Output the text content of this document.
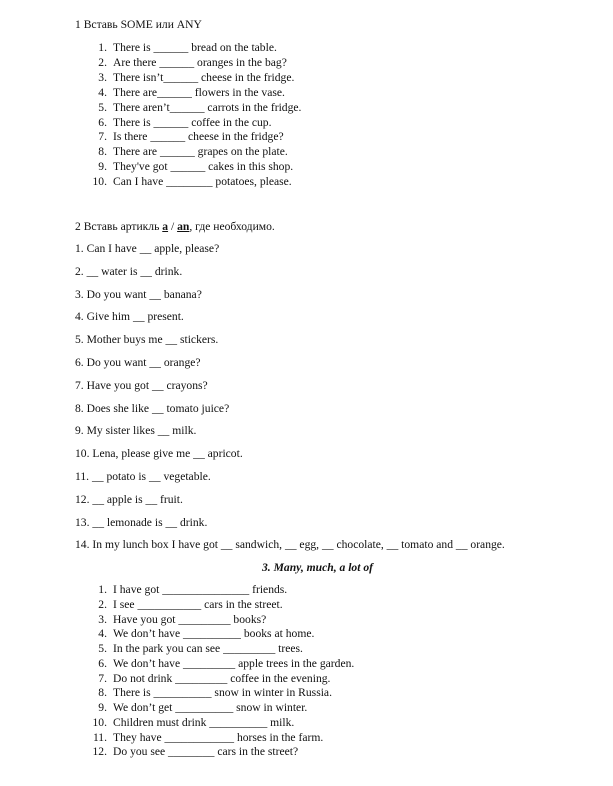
1 Вставь SOME или ANY
1. There is ______ bread on the table.
2. Are there ______ oranges in the bag?
3. There isn’t______ cheese in the fridge.
4. There are______ flowers in the vase.
5. There aren’t______ carrots in the fridge.
6. There is ______ coffee in the cup.
7. Is there ______ cheese in the fridge?
8. There are ______ grapes on the plate.
9. They've got ______ cakes in this shop.
10. Can I have ________ potatoes, please.
2 Вставь артикль a / an, где необходимо.
1. Can I have __ apple, please?
2. __ water is __ drink.
3. Do you want __ banana?
4. Give him __ present.
5. Mother buys me __ stickers.
6. Do you want __ orange?
7. Have you got __ crayons?
8. Does she like __ tomato juice?
9. My sister likes __ milk.
10. Lena, please give me __ apricot.
11. __ potato is __ vegetable.
12. __ apple is __ fruit.
13. __ lemonade is __ drink.
14. In my lunch box I have got __ sandwich, __ egg, __ chocolate, __ tomato and __ orange.
3. Many, much, a lot of
1. I have got _______________ friends.
2. I see ___________ cars in the street.
3. Have you got _________ books?
4. We don’t have __________ books at home.
5. In the park you can see _________ trees.
6. We don’t have _________ apple trees in the garden.
7. Do not drink _________ coffee in the evening.
8. There is __________ snow in winter in Russia.
9. We don’t get __________ snow in winter.
10. Children must drink __________ milk.
11. They have ____________ horses in the farm.
12. Do you see ________ cars in the street?
